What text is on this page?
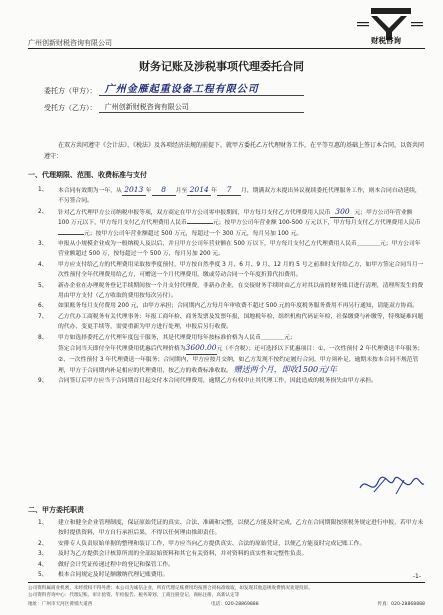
广州创新财税咨询有限公司	财税咨询
财务记账及涉税事项代理委托合同
委托方（甲方）： 广州金雁起重设备工程有限公司
受托方（乙方）： 广州创新财税咨询有限公司
在双方共同遵守《会计法》、《税法》及各项经济法规的前提下，就甲方委托乙方代理财务工作，在平等互惠的基础上签订本合同，以资共同遵守：
一、代理期限、范围、收费标准与支付
1、 本合同有效期为一年，从 2013 年 8 月至 2014 年 7 月，期满双方未提出异议视续委托代理服务工作，则本合同自动延续，不另签合同。
2、 针对乙方代理甲方公司纳税申报等项，双方商定在甲方公司零申报期间，甲方每月支付乙方代理费用人民币 300 元；甲方公司年营业额 100 万元以下，甲方每月支付乙方代理费用人民币	元；按甲方公司年营业额 100-500 万元以下，甲方每月支付乙方代理费用人民币元；按甲方公司年营业额超过 500 万元，每超过一个 300 万元，每月另加 100 元。
3、 申报从小规模企业成为一般纳税人及以后，并且甲方公司年营业额在 500 万以下，甲方每月支付乙方代理费用人民币＿＿＿＿元；甲方公司年营业额超过 500 万，按每超过一个 500 万，每月另加 200 元。
4、 甲方应支付给乙方的代理费用采取按季度预付，甲方按自然季度 3 月、6 月、9 月、12 月的 5 号之前准时支付给乙方，如甲方签定合同当月一次性预付全年代理费用给乙方，可赠送一个月代理费用，缴或劳动合同一个年度折算代扣费用。
5、 新办企业在办理税务登记手续期间按一个月支付代理费，非新办企业，在交接财务手续时由乙方对其以前的财务账目进行清理，清理所发生的费用由甲方支付（乙方收取的费用按每次另付）。
6、 如果账务每月支付费用 200 元，由甲方承担；合同期内乙方每月年审收费不超过 500 元的年度税务服务费用不再另行通知，请能双方协商。
7、 乙方代办工商税务有关代理事务：年报工商年检、商务发票及发票年报，国地税年检，组织机构代码证年检，社保缴费与补缴等，特殊疑难问题的代办、变更手续等，需要重新为甲方进行处理，申报后另行收费。
8、 甲方如选择委托乙方代理年度包干服务，其是代理费用每年按标准价格为人民币＿＿＿＿元；
签定合同当天即付全年代理费用优惠后代理价格为3600.00元（不含税）；还可选择以下优惠项目：①、一次性预付 2 年代理费送半年服务；②、一次性预付 3 年代理费送一年服务；合同期内，甲方应按月交纳，如乙方发现不按约定履行合同，甲方须补足，逾期未按本合同不规范管理，甲方于合同期内补足相应的代理费用，按乙方的收费标准收取。 赠送两个月，即收1500元/年
9、 合同签订后甲方应当于合同期首日起交付本合同代理费用，逾期乙方有权中止其代理工作，因此造成的税务损失由甲方承担。
二、甲方委托职责
1、 建立和健全企业管理制度，保证原始凭证的真实、合法、准确和完整，以便乙方能及时完成，乙方在合同期限按照税务规定进行申报，若甲方未按时提供资料，甲方自行承担后果，不得以任何理由推卸责任。
2、 安排专人负责原始单据的整理和装订工作，甲方应当向乙方提供真实、合法的原始凭证，以便乙方能及时完成记账工作。
3、 及时为乙方提供会计核算所需的全部原始资料和其它有关资料，并对资料的真实性和完整性负责。
4、 做好会计凭证传递过程中的登记和保管工作。
5、 根本合同规定及时足额缴纳代理记账费用。	-1-
公司资料属商业机密，未经授权不得外泄；本公司为诚信企业，所有代理记账费用均按照合同标准收取，如发现其他违规收费情况欢迎投诉。
公司资料咨询中心：代理记账、审计验资、年检报告、税务筹划、工商注册登记、商标注册、高新认定等
地址：广州市天河区黄埔大道西	电话：020-28869888	传真：020-28868888
